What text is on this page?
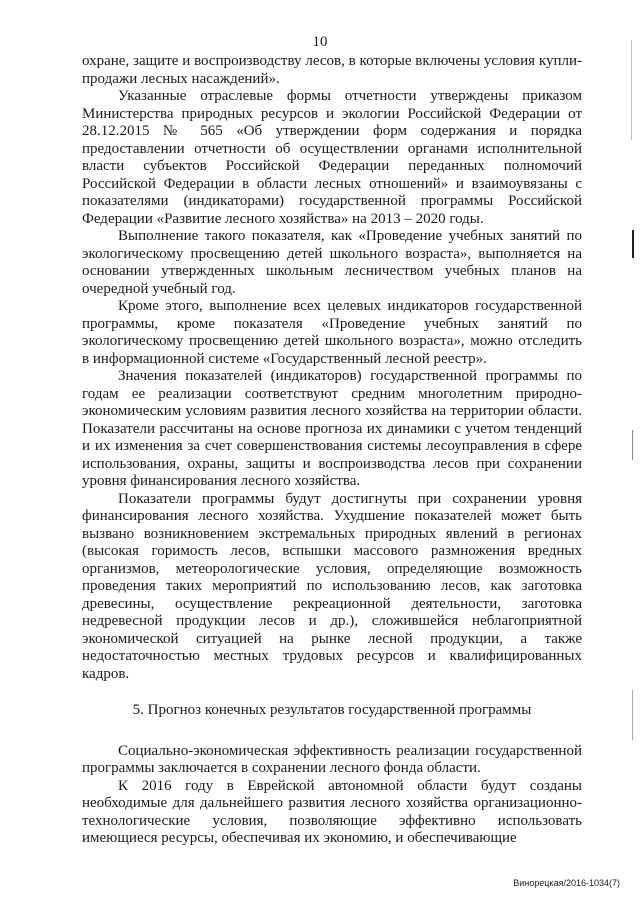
10

охране, защите и воспроизводству лесов, в которые включены условия купли-продажи лесных насаждений».

Указанные отраслевые формы отчетности утверждены приказом Министерства природных ресурсов и экологии Российской Федерации от 28.12.2015 № 565 «Об утверждении форм содержания и порядка предоставлении отчетности об осуществлении органами исполнительной власти субъектов Российской Федерации переданных полномочий Российской Федерации в области лесных отношений» и взаимоувязаны с показателями (индикаторами) государственной программы Российской Федерации «Развитие лесного хозяйства» на 2013 – 2020 годы.

Выполнение такого показателя, как «Проведение учебных занятий по экологическому просвещению детей школьного возраста», выполняется на основании утвержденных школьным лесничеством учебных планов на очередной учебный год.

Кроме этого, выполнение всех целевых индикаторов государственной программы, кроме показателя «Проведение учебных занятий по экологическому просвещению детей школьного возраста», можно отследить в информационной системе «Государственный лесной реестр».

Значения показателей (индикаторов) государственной программы по годам ее реализации соответствуют средним многолетним природно-экономическим условиям развития лесного хозяйства на территории области. Показатели рассчитаны на основе прогноза их динамики с учетом тенденций и их изменения за счет совершенствования системы лесоуправления в сфере использования, охраны, защиты и воспроизводства лесов при сохранении уровня финансирования лесного хозяйства.

Показатели программы будут достигнуты при сохранении уровня финансирования лесного хозяйства. Ухудшение показателей может быть вызвано возникновением экстремальных природных явлений в регионах (высокая горимость лесов, вспышки массового размножения вредных организмов, метеорологические условия, определяющие возможность проведения таких мероприятий по использованию лесов, как заготовка древесины, осуществление рекреационной деятельности, заготовка недревесной продукции лесов и др.), сложившейся неблагоприятной экономической ситуацией на рынке лесной продукции, а также недостаточностью местных трудовых ресурсов и квалифицированных кадров.

5. Прогноз конечных результатов государственной программы

Социально-экономическая эффективность реализации государственной программы заключается в сохранении лесного фонда области.

К 2016 году в Еврейской автономной области будут созданы необходимые для дальнейшего развития лесного хозяйства организационно-технологические условия, позволяющие эффективно использовать имеющиеся ресурсы, обеспечивая их экономию, и обеспечивающие

Винорецкая/2016-1034(7)
